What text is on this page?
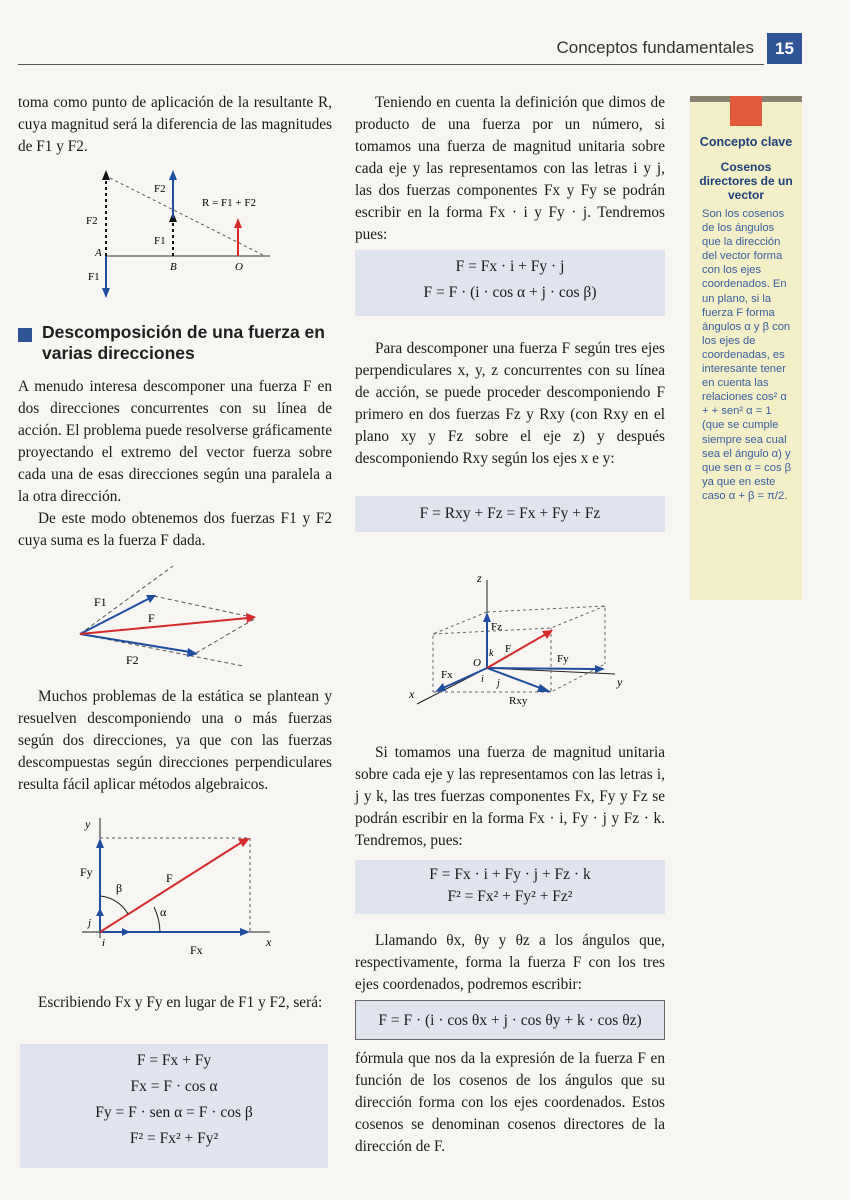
Conceptos fundamentales	15

toma como punto de aplicación de la resultante R, cuya magnitud será la diferencia de las magnitudes de F1 y F2.

R = F1 + F2
F2
F1
F2
F1
A
B	O
Descomposición de una fuerza en varias direcciones

A menudo interesa descomponer una fuerza F en dos direcciones concurrentes con su línea de acción. El problema puede resolverse gráficamente proyectando el extremo del vector fuerza sobre cada una de esas direcciones según una paralela a la otra dirección.

De este modo obtenemos dos fuerzas F1 y F2 cuya suma es la fuerza F dada.

F1
F
F2

Muchos problemas de la estática se plantean y resuelven descomponiendo una o más fuerzas según dos direcciones, ya que con las fuerzas descompuestas según direcciones perpendiculares resulta fácil aplicar métodos algebraicos.

y
x
Fy	F
Fx
β
α
j
i

Escribiendo Fx y Fy en lugar de F1 y F2, será:

F = Fx + Fy
Fx = F · cos α
Fy = F · sen α = F · cos β
F² = Fx² + Fy²

Teniendo en cuenta la definición que dimos de producto de una fuerza por un número, si tomamos una fuerza de magnitud unitaria sobre cada eje y las representamos con las letras i y j, las dos fuerzas componentes Fx y Fy se podrán escribir en la forma Fx · i y Fy · j. Tendremos pues:

F = Fx · i + Fy · j
F = F · (i · cos α + j · cos β)

Para descomponer una fuerza F según tres ejes perpendiculares x, y, z concurrentes con su línea de acción, se puede proceder descomponiendo F primero en dos fuerzas Fz y Rxy (con Rxy en el plano xy y Fz sobre el eje z) y después descomponiendo Rxy según los ejes x e y:

F = Rxy + Fz = Fx + Fy + Fz
z
x
y
Fz
F
Fy
Fx
Rxy
O
k
i j

Si tomamos una fuerza de magnitud unitaria sobre cada eje y las representamos con las letras i, j y k, las tres fuerzas componentes Fx, Fy y Fz se podrán escribir en la forma Fx · i, Fy · j y Fz · k. Tendremos, pues:

F = Fx · i + Fy · j + Fz · k
F² = Fx² + Fy² + Fz²

Llamando θx, θy y θz a los ángulos que, respectivamente, forma la fuerza F con los tres ejes coordenados, podremos escribir:

F = F · (i · cos θx + j · cos θy + k · cos θz)

fórmula que nos da la expresión de la fuerza F en función de los cosenos de los ángulos que su dirección forma con los ejes coordenados. Estos cosenos se denominan cosenos directores de la dirección de F.

Concepto clave
Cosenos directores de un vector
Son los cosenos de los ángulos que la dirección del vector forma con los ejes coordenados. En un plano, si la fuerza F forma ángulos α y β con los ejes de coordenadas, es interesante tener en cuenta las relaciones cos² α + + sen² α = 1 (que se cumple siempre sea cual sea el ángulo α) y que sen α = cos β ya que en este caso α + β = π/2.
